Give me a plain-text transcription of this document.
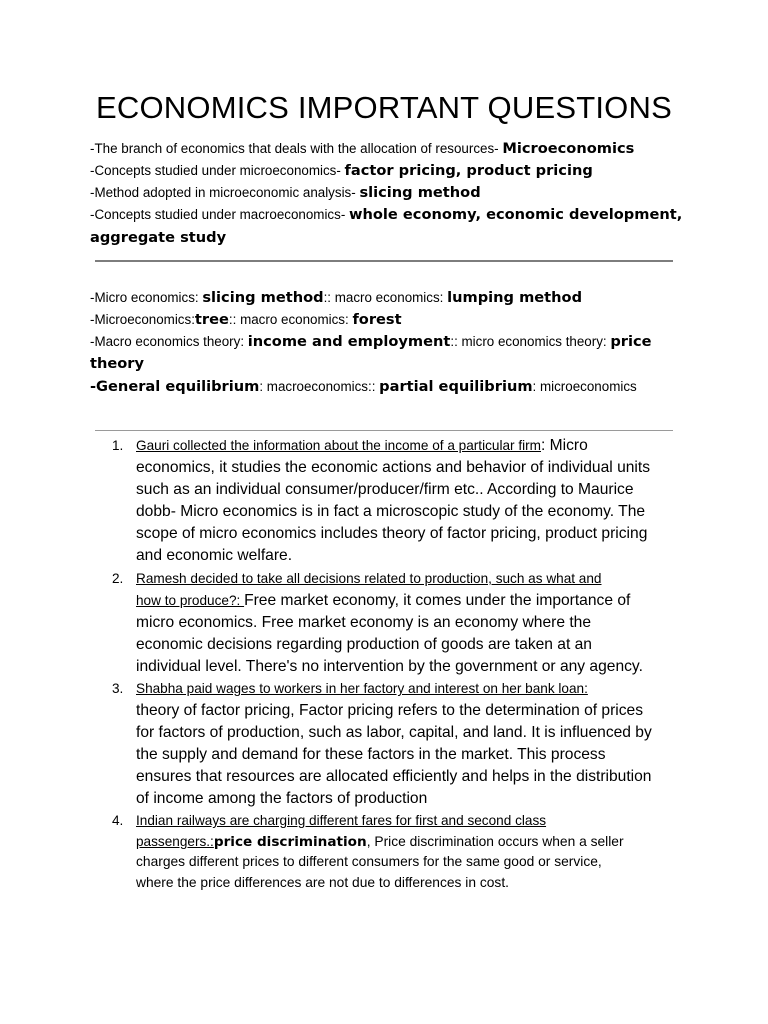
ECONOMICS IMPORTANT QUESTIONS
-The branch of economics that deals with the allocation of resources- Microeconomics
-Concepts studied under microeconomics- factor pricing, product pricing
-Method adopted in microeconomic analysis- slicing method
-Concepts studied under macroeconomics- whole economy, economic development,
aggregate study
-Micro economics: slicing method:: macro economics: lumping method
-Microeconomics:tree:: macro economics: forest
-Macro economics theory: income and employment:: micro economics theory: price
theory
-General equilibrium: macroeconomics:: partial equilibrium: microeconomics
1. Gauri collected the information about the income of a particular firm: Micro
economics, it studies the economic actions and behavior of individual units
such as an individual consumer/producer/firm etc.. According to Maurice
dobb- Micro economics is in fact a microscopic study of the economy. The
scope of micro economics includes theory of factor pricing, product pricing
and economic welfare.
2. Ramesh decided to take all decisions related to production, such as what and
how to produce?: Free market economy, it comes under the importance of
micro economics. Free market economy is an economy where the
economic decisions regarding production of goods are taken at an
individual level. There's no intervention by the government or any agency.
3. Shabha paid wages to workers in her factory and interest on her bank loan:
theory of factor pricing, Factor pricing refers to the determination of prices
for factors of production, such as labor, capital, and land. It is influenced by
the supply and demand for these factors in the market. This process
ensures that resources are allocated efficiently and helps in the distribution
of income among the factors of production
4. Indian railways are charging different fares for first and second class
passengers.:price discrimination, Price discrimination occurs when a seller
charges different prices to different consumers for the same good or service,
where the price differences are not due to differences in cost.
